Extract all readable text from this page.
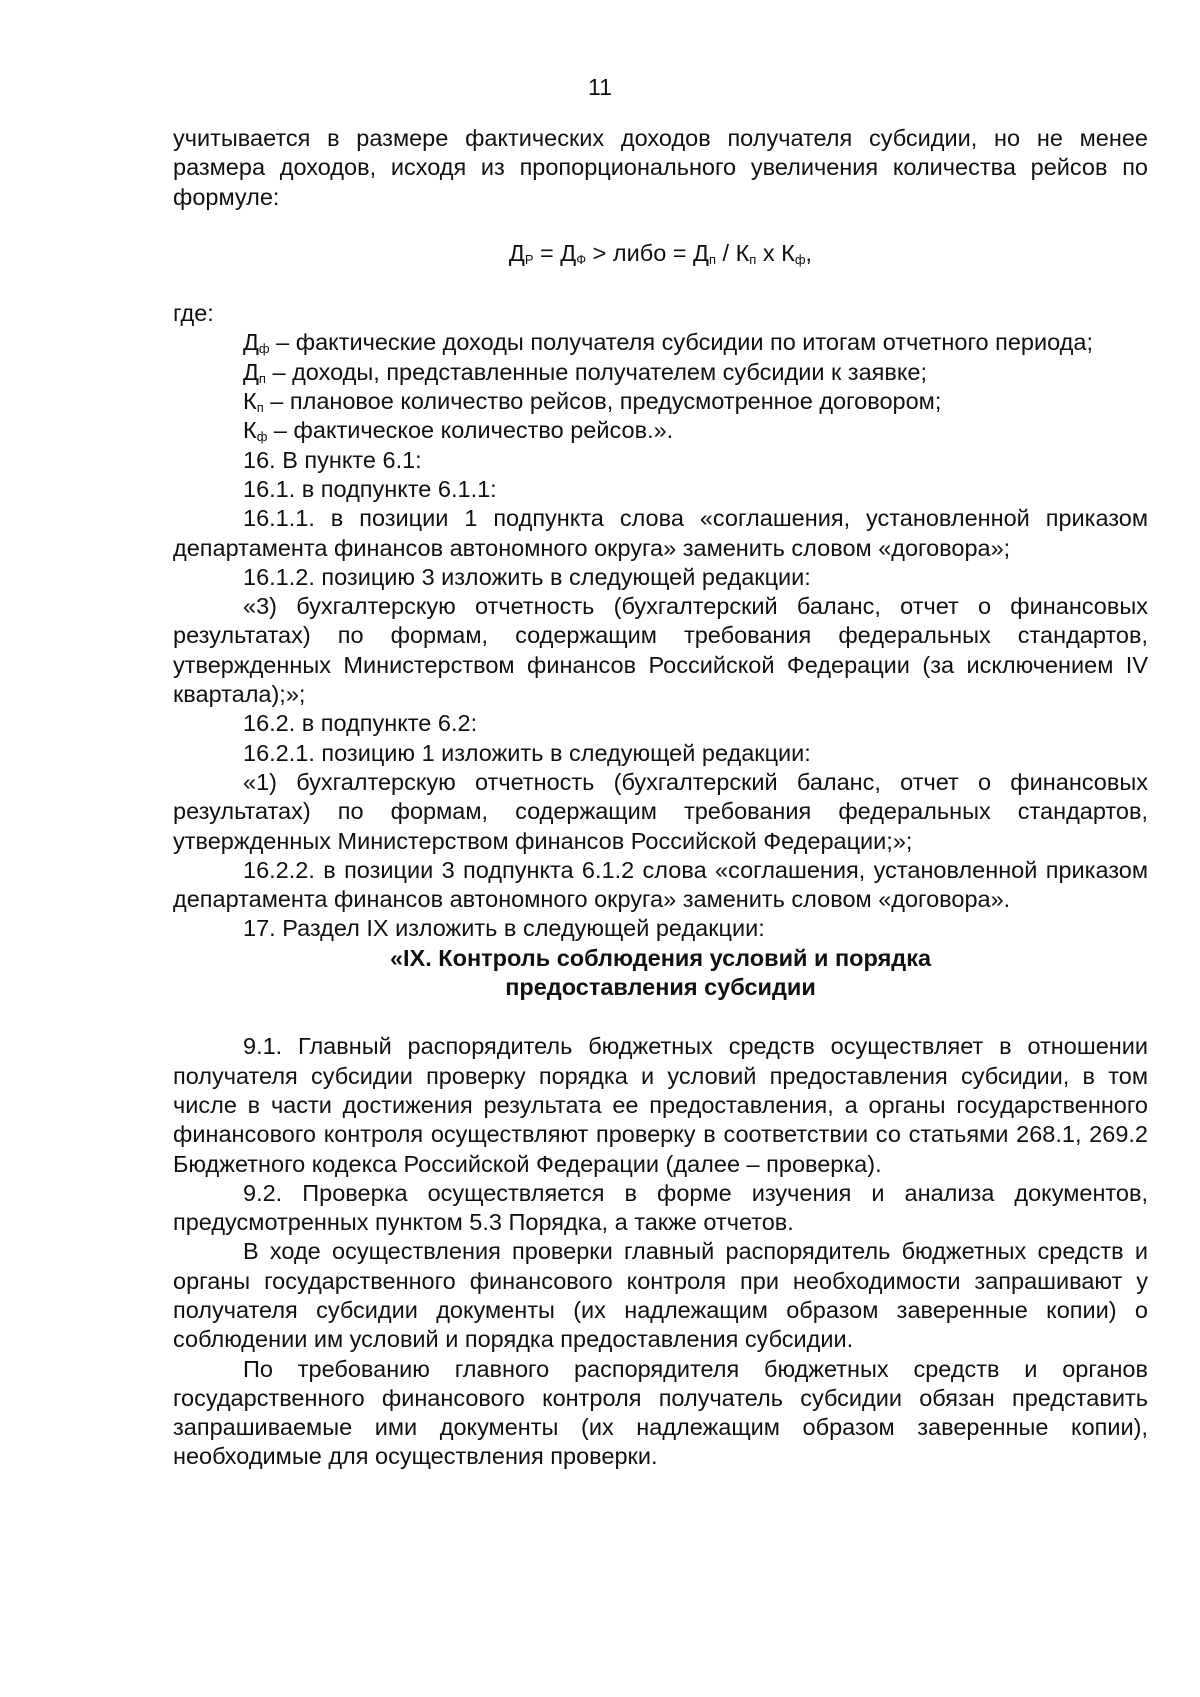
11

учитывается в размере фактических доходов получателя субсидии, но не менее размера доходов, исходя из пропорционального увеличения количества рейсов по формуле:

$Д_Р = Д_Ф$ > либо = $Д_п / К_п$ х $К_ф$,

где:

$Д_ф$ – фактические доходы получателя субсидии по итогам отчетного периода;

$Д_п$ – доходы, представленные получателем субсидии к заявке;

$К_п$ – плановое количество рейсов, предусмотренное договором;

$К_ф$ – фактическое количество рейсов.».

16. В пункте 6.1:

16.1. в подпункте 6.1.1:

16.1.1. в позиции 1 подпункта слова «соглашения, установленной приказом департамента финансов автономного округа» заменить словом «договора»;

16.1.2. позицию 3 изложить в следующей редакции:

«3) бухгалтерскую отчетность (бухгалтерский баланс, отчет о финансовых результатах) по формам, содержащим требования федеральных стандартов, утвержденных Министерством финансов Российской Федерации (за исключением IV квартала);»;

16.2. в подпункте 6.2:

16.2.1. позицию 1 изложить в следующей редакции:

«1) бухгалтерскую отчетность (бухгалтерский баланс, отчет о финансовых результатах) по формам, содержащим требования федеральных стандартов, утвержденных Министерством финансов Российской Федерации;»;

16.2.2. в позиции 3 подпункта 6.1.2 слова «соглашения, установленной приказом департамента финансов автономного округа» заменить словом «договора».

17. Раздел IX изложить в следующей редакции:

«IX. Контроль соблюдения условий и порядка
предоставления субсидии

9.1. Главный распорядитель бюджетных средств осуществляет в отношении получателя субсидии проверку порядка и условий предоставления субсидии, в том числе в части достижения результата ее предоставления, а органы государственного финансового контроля осуществляют проверку в соответствии со статьями 268.1, 269.2 Бюджетного кодекса Российской Федерации (далее – проверка).

9.2. Проверка осуществляется в форме изучения и анализа документов, предусмотренных пунктом 5.3 Порядка, а также отчетов.

В ходе осуществления проверки главный распорядитель бюджетных средств и органы государственного финансового контроля при необходимости запрашивают у получателя субсидии документы (их надлежащим образом заверенные копии) о соблюдении им условий и порядка предоставления субсидии.

По требованию главного распорядителя бюджетных средств и органов государственного финансового контроля получатель субсидии обязан представить запрашиваемые ими документы (их надлежащим образом заверенные копии), необходимые для осуществления проверки.
